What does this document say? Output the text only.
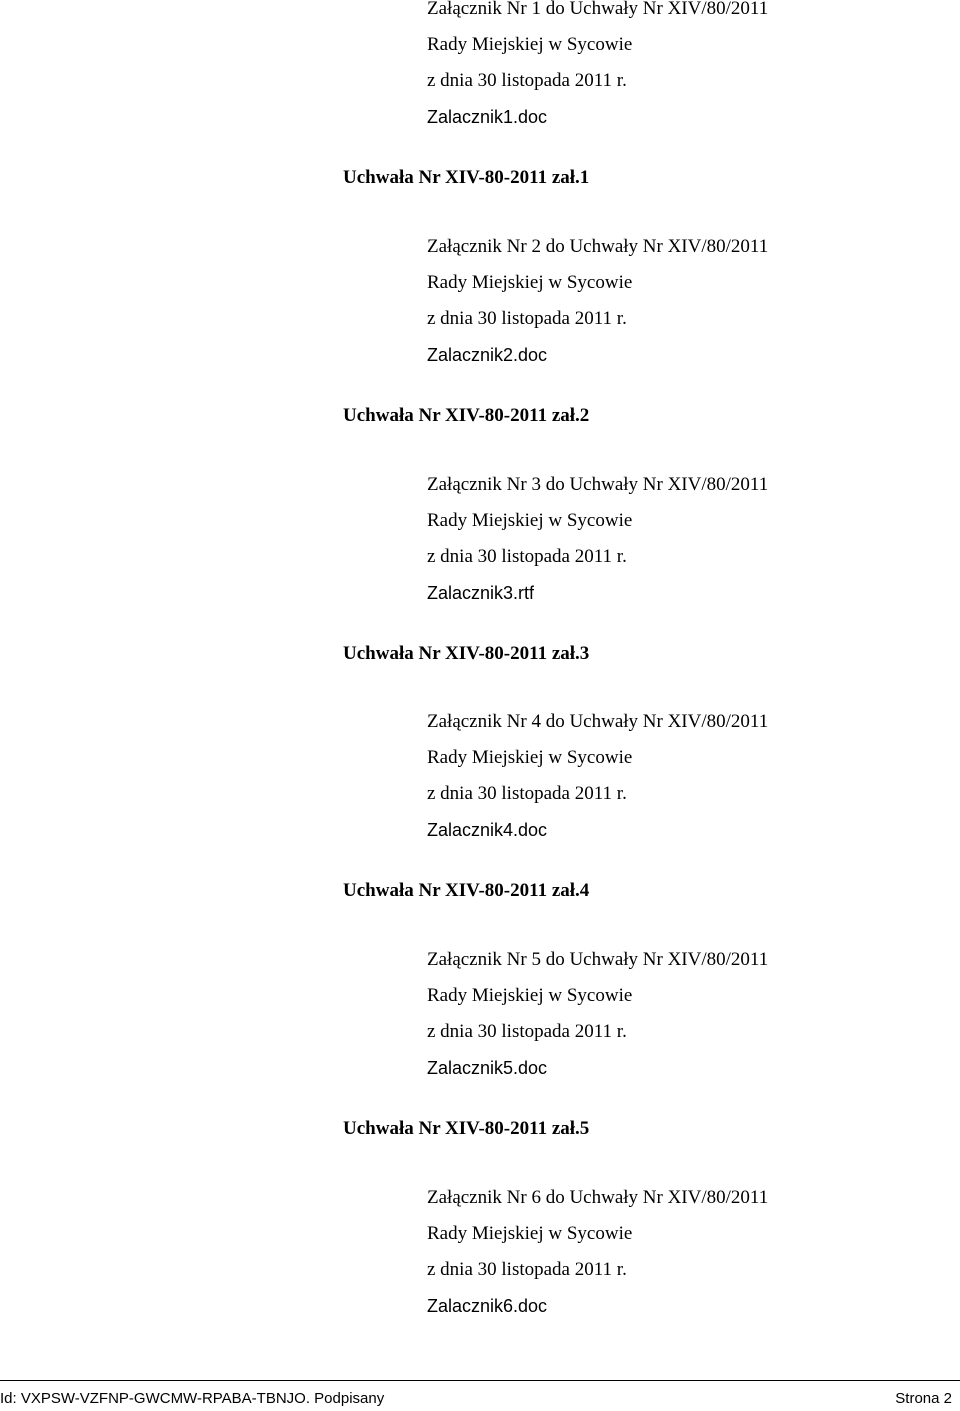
Załącznik Nr 1 do Uchwały Nr XIV/80/2011
Rady Miejskiej w Sycowie
z dnia 30 listopada 2011 r.
Zalacznik1.doc
Uchwała Nr XIV-80-2011 zał.1
Załącznik Nr 2 do Uchwały Nr XIV/80/2011
Rady Miejskiej w Sycowie
z dnia 30 listopada 2011 r.
Zalacznik2.doc
Uchwała Nr XIV-80-2011 zał.2
Załącznik Nr 3 do Uchwały Nr XIV/80/2011
Rady Miejskiej w Sycowie
z dnia 30 listopada 2011 r.
Zalacznik3.rtf
Uchwała Nr XIV-80-2011 zał.3
Załącznik Nr 4 do Uchwały Nr XIV/80/2011
Rady Miejskiej w Sycowie
z dnia 30 listopada 2011 r.
Zalacznik4.doc
Uchwała Nr XIV-80-2011 zał.4
Załącznik Nr 5 do Uchwały Nr XIV/80/2011
Rady Miejskiej w Sycowie
z dnia 30 listopada 2011 r.
Zalacznik5.doc
Uchwała Nr XIV-80-2011 zał.5
Załącznik Nr 6 do Uchwały Nr XIV/80/2011
Rady Miejskiej w Sycowie
z dnia 30 listopada 2011 r.
Zalacznik6.doc
Id: VXPSW-VZFNP-GWCMW-RPABA-TBNJO. Podpisany	Strona 2
